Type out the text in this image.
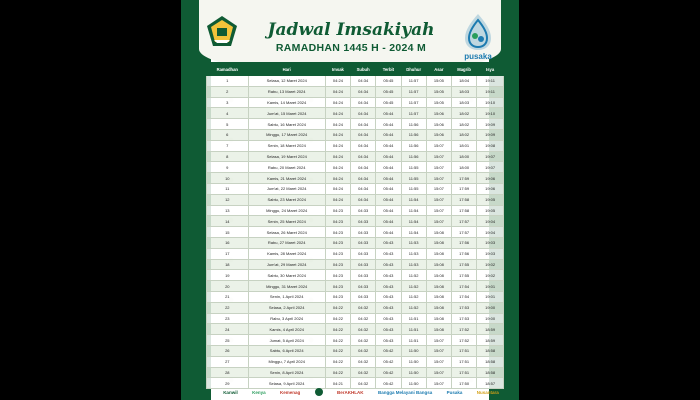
Jadwal Imsakiyah
RAMADHAN 1445 H - 2024 M
pusaka
Ramadhan	Hari	Imsak	Subuh	Terbit	Dhuhur	Asar	Magrib	Isya
1	Selasa, 12 Maret 2024	04:24	04:34	05:45	11:57	15:05	18:04	19:11
2	Rabu, 13 Maret 2024	04:24	04:34	05:45	11:57	15:05	18:03	19:11
3	Kamis, 14 Maret 2024	04:24	04:34	05:45	11:57	15:05	18:03	19:10
4	Jum'at, 15 Maret 2024	04:24	04:34	05:44	11:57	15:06	18:02	19:10
5	Sabtu, 16 Maret 2024	04:24	04:34	05:44	11:56	15:06	18:02	19:09
6	Minggu, 17 Maret 2024	04:24	04:34	05:44	11:56	15:06	18:02	19:09
7	Senin, 18 Maret 2024	04:24	04:34	05:44	11:56	15:07	18:01	19:08
8	Selasa, 19 Maret 2024	04:24	04:34	05:44	11:56	15:07	18:00	19:07
9	Rabu, 20 Maret 2024	04:24	04:34	05:44	11:55	15:07	18:00	19:07
10	Kamis, 21 Maret 2024	04:24	04:34	05:44	11:55	15:07	17:59	19:06
11	Jum'at, 22 Maret 2024	04:24	04:34	05:44	11:55	15:07	17:59	19:06
12	Sabtu, 23 Maret 2024	04:24	04:34	05:44	11:54	15:07	17:58	19:05
13	Minggu, 24 Maret 2024	04:23	04:33	05:44	11:54	15:07	17:58	19:05
14	Senin, 25 Maret 2024	04:23	04:33	05:44	11:54	15:07	17:57	19:04
15	Selasa, 26 Maret 2024	04:23	04:33	05:44	11:54	15:08	17:57	19:04
16	Rabu, 27 Maret 2024	04:23	04:33	05:43	11:53	15:08	17:56	19:03
17	Kamis, 28 Maret 2024	04:23	04:33	05:43	11:53	15:08	17:56	19:03
18	Jum'at, 29 Maret 2024	04:23	04:33	05:43	11:53	15:08	17:55	19:02
19	Sabtu, 30 Maret 2024	04:23	04:33	05:43	11:52	15:08	17:55	19:02
20	Minggu, 31 Maret 2024	04:23	04:33	05:43	11:52	15:08	17:54	19:01
21	Senin, 1 April 2024	04:23	04:33	05:43	11:52	15:08	17:54	19:01
22	Selasa, 2 April 2024	04:22	04:32	05:43	11:52	15:08	17:53	19:00
23	Rabu, 3 April 2024	04:22	04:32	05:43	11:51	15:08	17:53	19:00
24	Kamis, 4 April 2024	04:22	04:32	05:43	11:51	15:08	17:52	18:59
25	Jumat, 5 April 2024	04:22	04:32	05:43	11:51	15:07	17:52	18:59
26	Sabtu, 6 April 2024	04:22	04:32	05:42	11:50	15:07	17:51	18:58
27	Minggu, 7 April 2024	04:22	04:32	05:42	11:50	15:07	17:51	18:58
28	Senin, 8 April 2024	04:22	04:32	05:42	11:50	15:07	17:51	18:58
29	Selasa, 9 April 2024	04:21	04:32	05:42	11:50	15:07	17:50	18:57
Kanwil	Kenya	Kemenag	BerAKHLAK	Bangga Melayani Bangsa	Pusaka	Nusantara
